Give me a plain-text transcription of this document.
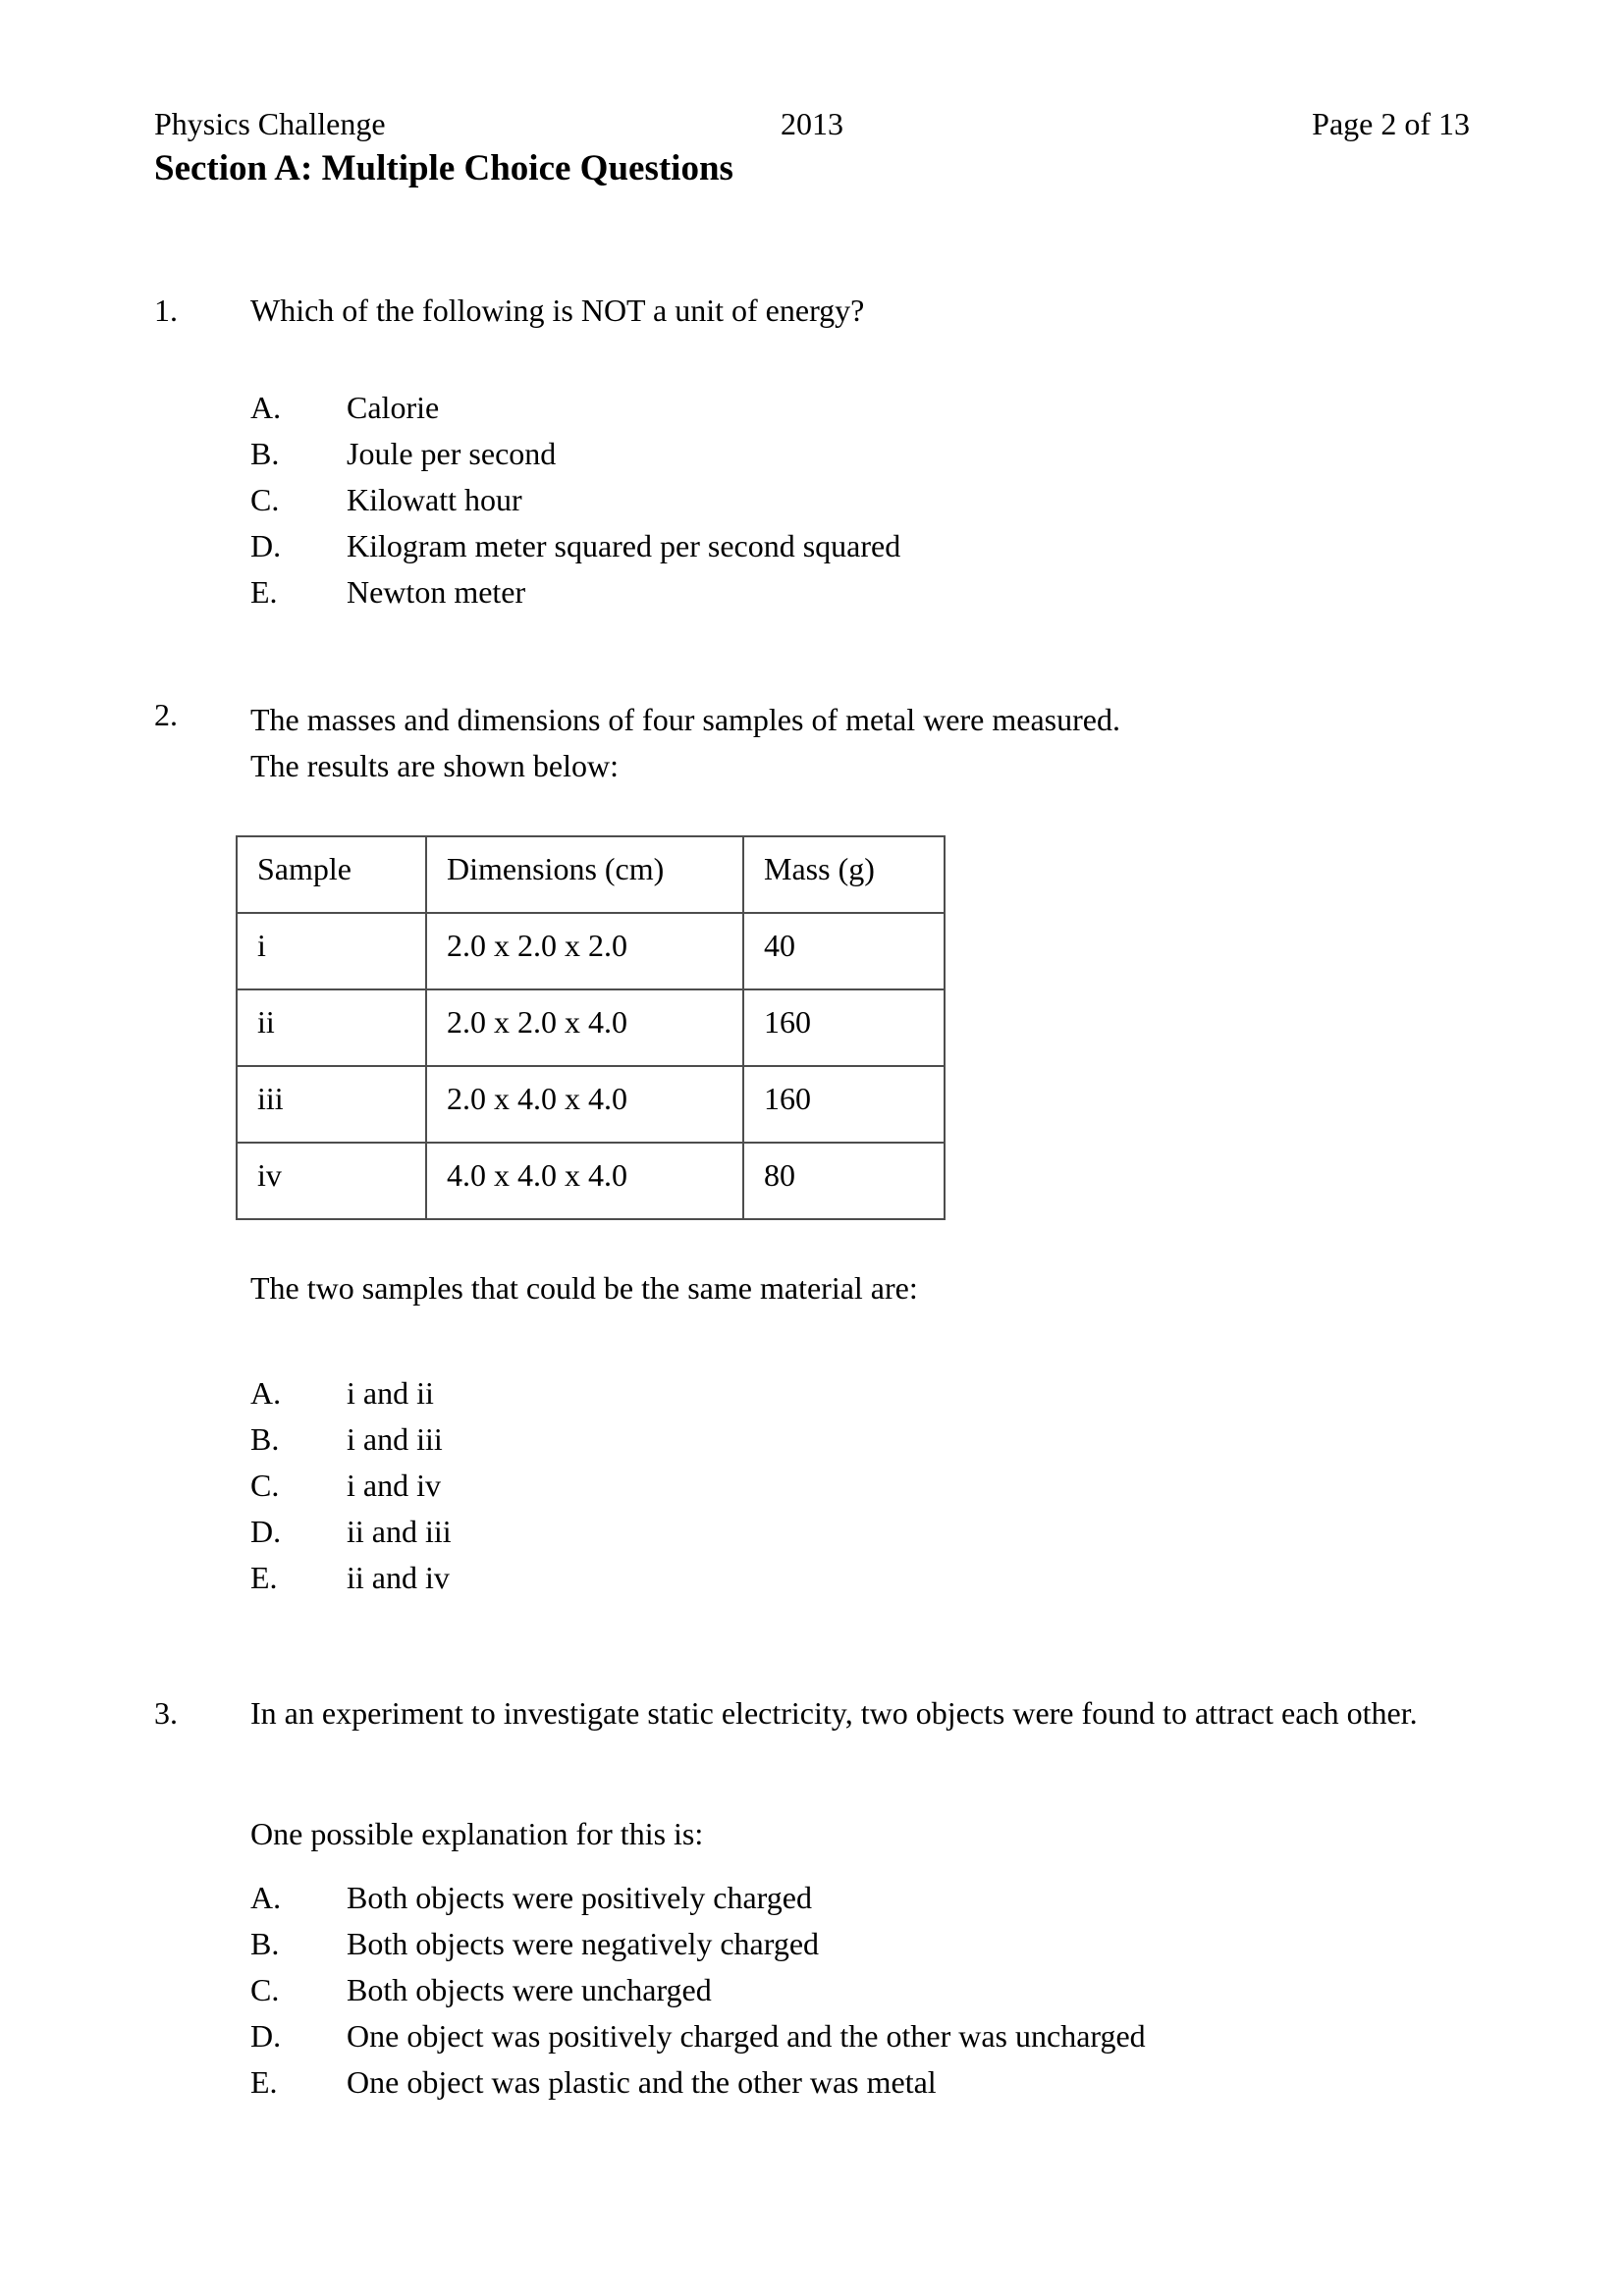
Physics Challenge	2013	Page 2 of 13
Section A: Multiple Choice Questions
1.	Which of the following is NOT a unit of energy?
A.	Calorie
B.	Joule per second
C.	Kilowatt hour
D.	Kilogram meter squared per second squared
E.	Newton meter
2.	The masses and dimensions of four samples of metal were measured.
The results are shown below:
Sample	Dimensions (cm)	Mass (g)
i	2.0 x 2.0 x 2.0	40
ii	2.0 x 2.0 x 4.0	160
iii	2.0 x 4.0 x 4.0	160
iv	4.0 x 4.0 x 4.0	80
The two samples that could be the same material are:
A.	i and ii
B.	i and iii
C.	i and iv
D.	ii and iii
E.	ii and iv
3.	In an experiment to investigate static electricity, two objects were found to attract each other.
One possible explanation for this is:
A.	Both objects were positively charged
B.	Both objects were negatively charged
C.	Both objects were uncharged
D.	One object was positively charged and the other was uncharged
E.	One object was plastic and the other was metal
